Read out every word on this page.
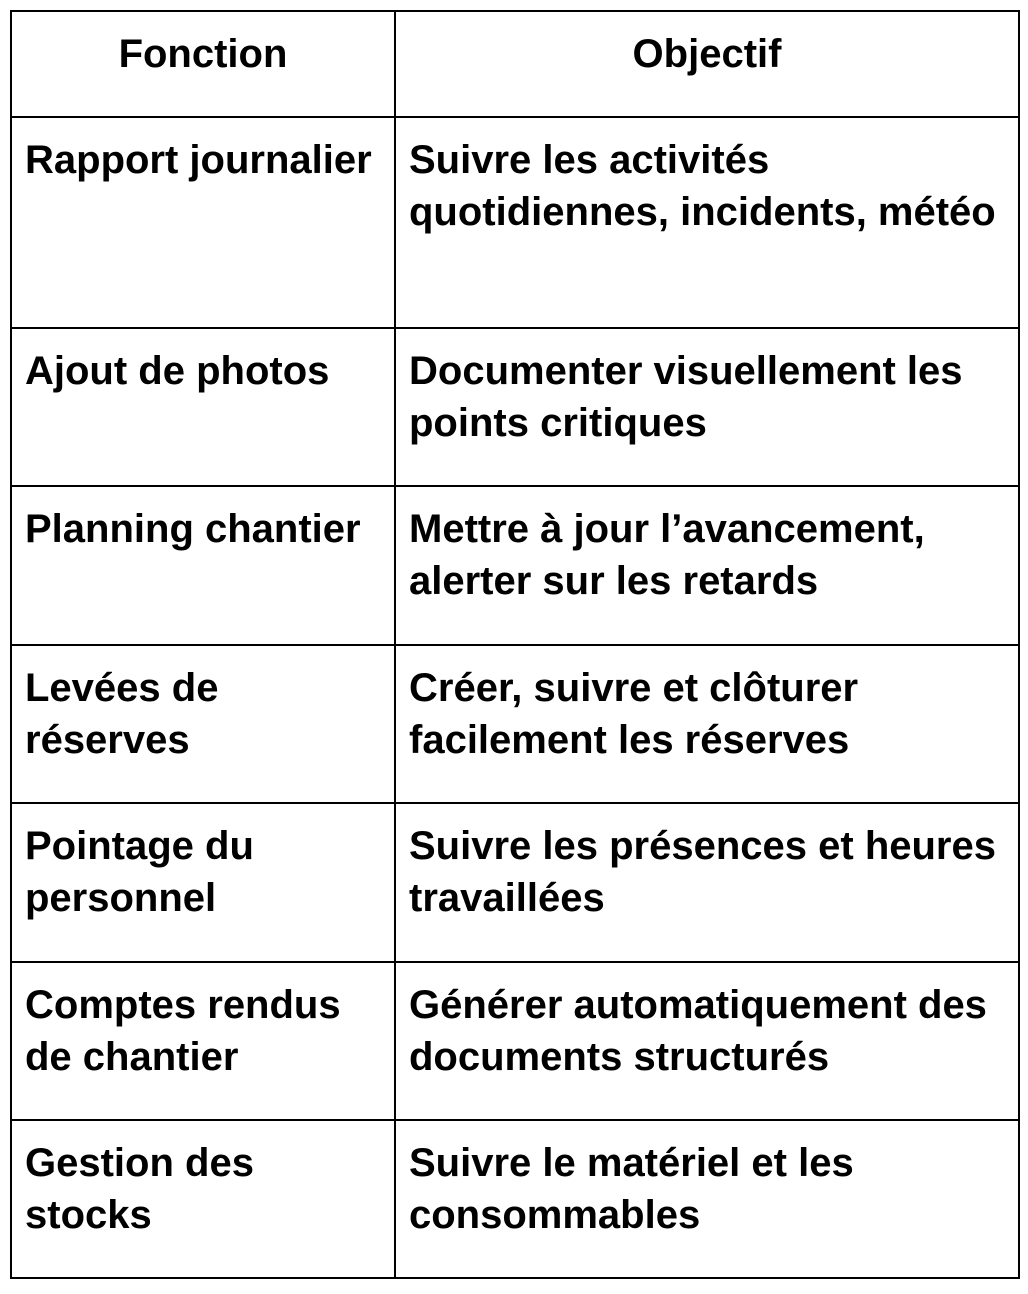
Fonction	Objectif
Rapport journalier	Suivre les activités quotidiennes, incidents, météo
Ajout de photos	Documenter visuellement les points critiques
Planning chantier	Mettre à jour l’avancement, alerter sur les retards
Levées de réserves	Créer, suivre et clôturer facilement les réserves
Pointage du personnel	Suivre les présences et heures travaillées
Comptes rendus de chantier	Générer automatiquement des documents structurés
Gestion des stocks	Suivre le matériel et les consommables
